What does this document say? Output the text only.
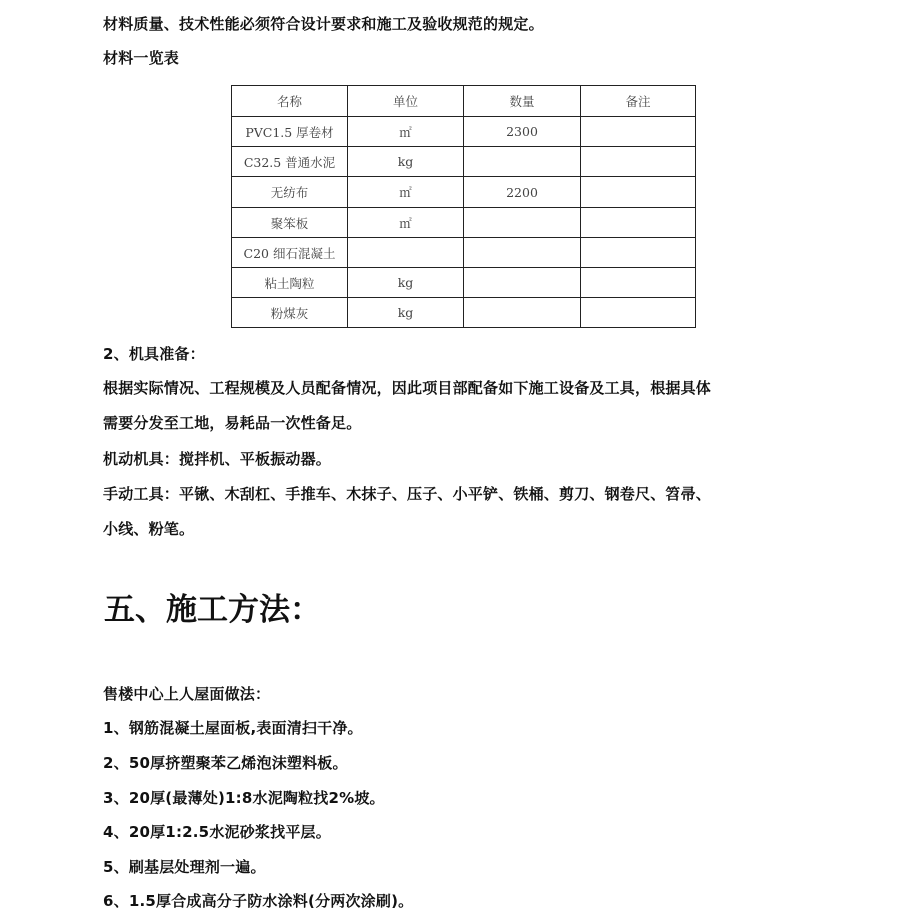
材料质量、技术性能必须符合设计要求和施工及验收规范的规定。
材料一览表
名称	单位	数量	备注
PVC1.5 厚卷材	㎡	2300	
C32.5 普通水泥	kg		
无纺布	㎡	2200	
聚笨板	㎡		
C20 细石混凝土			
粘土陶粒	kg		
粉煤灰	kg		
2、机具准备：
根据实际情况、工程规模及人员配备情况，因此项目部配备如下施工设备及工具，根据具体
需要分发至工地，易耗品一次性备足。
机动机具：搅拌机、平板振动器。
手动工具：平锹、木刮杠、手推车、木抹子、压子、小平铲、铁桶、剪刀、钢卷尺、笤帚、
小线、粉笔。
五、施工方法：
售楼中心上人屋面做法：
1、钢筋混凝土屋面板,表面清扫干净。
2、50厚挤塑聚苯乙烯泡沫塑料板。
3、20厚(最薄处)1:8水泥陶粒找2%坡。
4、20厚1:2.5水泥砂浆找平层。
5、刷基层处理剂一遍。
6、1.5厚合成高分子防水涂料(分两次涂刷)。
